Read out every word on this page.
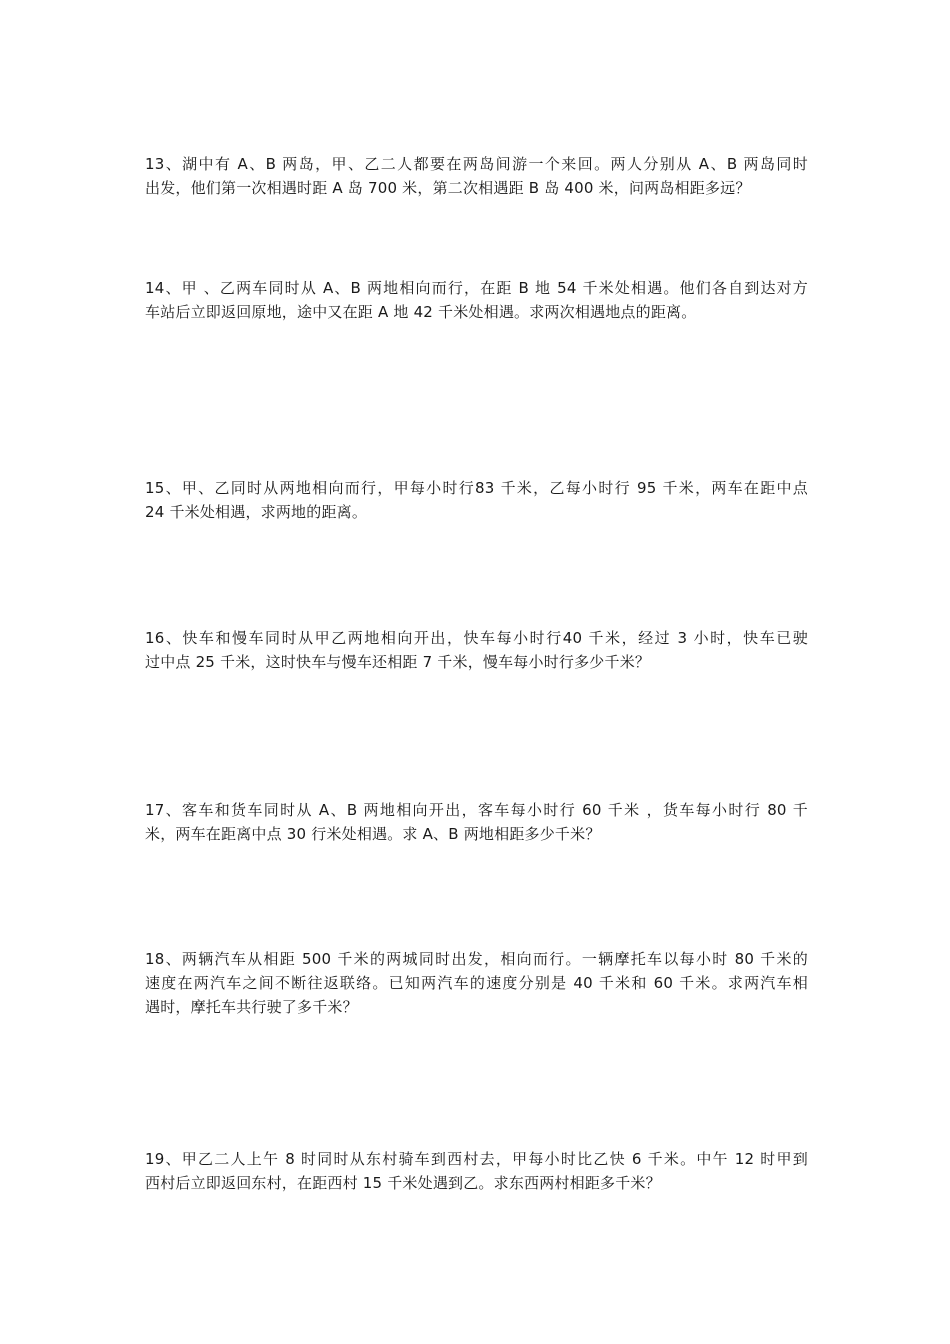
13、湖中有 A、B 两岛，甲、乙二人都要在两岛间游一个来回。两人分别从 A、B 两岛同时
出发，他们第一次相遇时距 A 岛 700 米，第二次相遇距 B 岛 400 米，问两岛相距多远？
14、甲 、乙两车同时从 A、B 两地相向而行，在距 B 地 54 千米处相遇。他们各自到达对方
车站后立即返回原地，途中又在距 A 地 42 千米处相遇。求两次相遇地点的距离。
15、甲、乙同时从两地相向而行，甲每小时行83 千米，乙每小时行 95 千米，两车在距中点
24 千米处相遇，求两地的距离。
16、快车和慢车同时从甲乙两地相向开出，快车每小时行40 千米，经过 3 小时，快车已驶
过中点 25 千米，这时快车与慢车还相距 7 千米，慢车每小时行多少千米？
17、客车和货车同时从 A、B 两地相向开出，客车每小时行 60 千米 ，货车每小时行 80 千
米，两车在距离中点 30 行米处相遇。求 A、B 两地相距多少千米？
18、两辆汽车从相距 500 千米的两城同时出发，相向而行。一辆摩托车以每小时 80 千米的
速度在两汽车之间不断往返联络。已知两汽车的速度分别是 40 千米和 60 千米。求两汽车相
遇时，摩托车共行驶了多千米？
19、甲乙二人上午 8 时同时从东村骑车到西村去，甲每小时比乙快 6 千米。中午 12 时甲到
西村后立即返回东村，在距西村 15 千米处遇到乙。求东西两村相距多千米？
